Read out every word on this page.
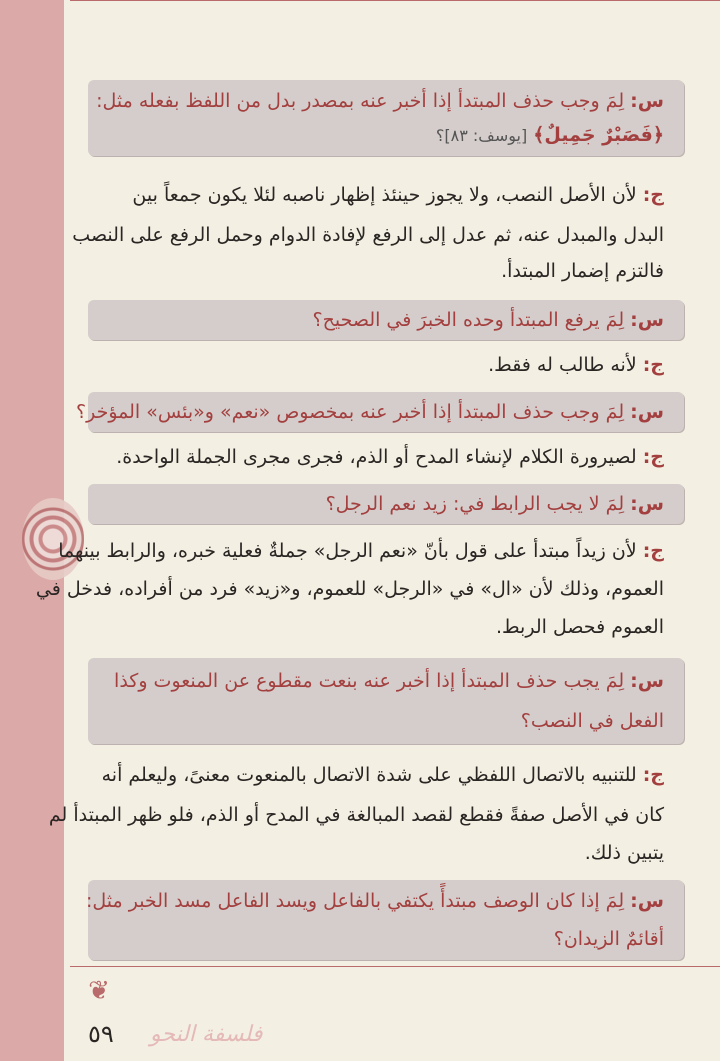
س: لِمَ وجب حذف المبتدأ إذا أخبر عنه بمصدر بدل من اللفظ بفعله مثل:
﴿فَصَبْرٌ جَمِيلٌ﴾ [يوسف: ٨٣]؟
ج: لأن الأصل النصب، ولا يجوز حينئذ إظهار ناصبه لئلا يكون جمعاً بين
البدل والمبدل عنه، ثم عدل إلى الرفع لإفادة الدوام وحمل الرفع على النصب
فالتزم إضمار المبتدأ.
س: لِمَ يرفع المبتدأ وحده الخبرَ في الصحيح؟
ج: لأنه طالب له فقط.
س: لِمَ وجب حذف المبتدأ إذا أخبر عنه بمخصوص «نعم» و«بئس» المؤخر؟
ج: لصيرورة الكلام لإنشاء المدح أو الذم، فجرى مجرى الجملة الواحدة.
س: لِمَ لا يجب الرابط في: زيد نعم الرجل؟
ج: لأن زيداً مبتدأ على قول بأنّ «نعم الرجل» جملةٌ فعلية خبره، والرابط بينهما
العموم، وذلك لأن «ال» في «الرجل» للعموم، و«زيد» فرد من أفراده، فدخل في
العموم فحصل الربط.
س: لِمَ يجب حذف المبتدأ إذا أخبر عنه بنعت مقطوع عن المنعوت وكذا
الفعل في النصب؟
ج: للتنبيه بالاتصال اللفظي على شدة الاتصال بالمنعوت معنىً، وليعلم أنه
كان في الأصل صفةً فقطع لقصد المبالغة في المدح أو الذم، فلو ظهر المبتدأ لم
يتبين ذلك.
س: لِمَ إذا كان الوصف مبتدأً يكتفي بالفاعل ويسد الفاعل مسد الخبر مثل:
أقائمٌ الزيدان؟
❦
فلسفة النحو
٥٩
